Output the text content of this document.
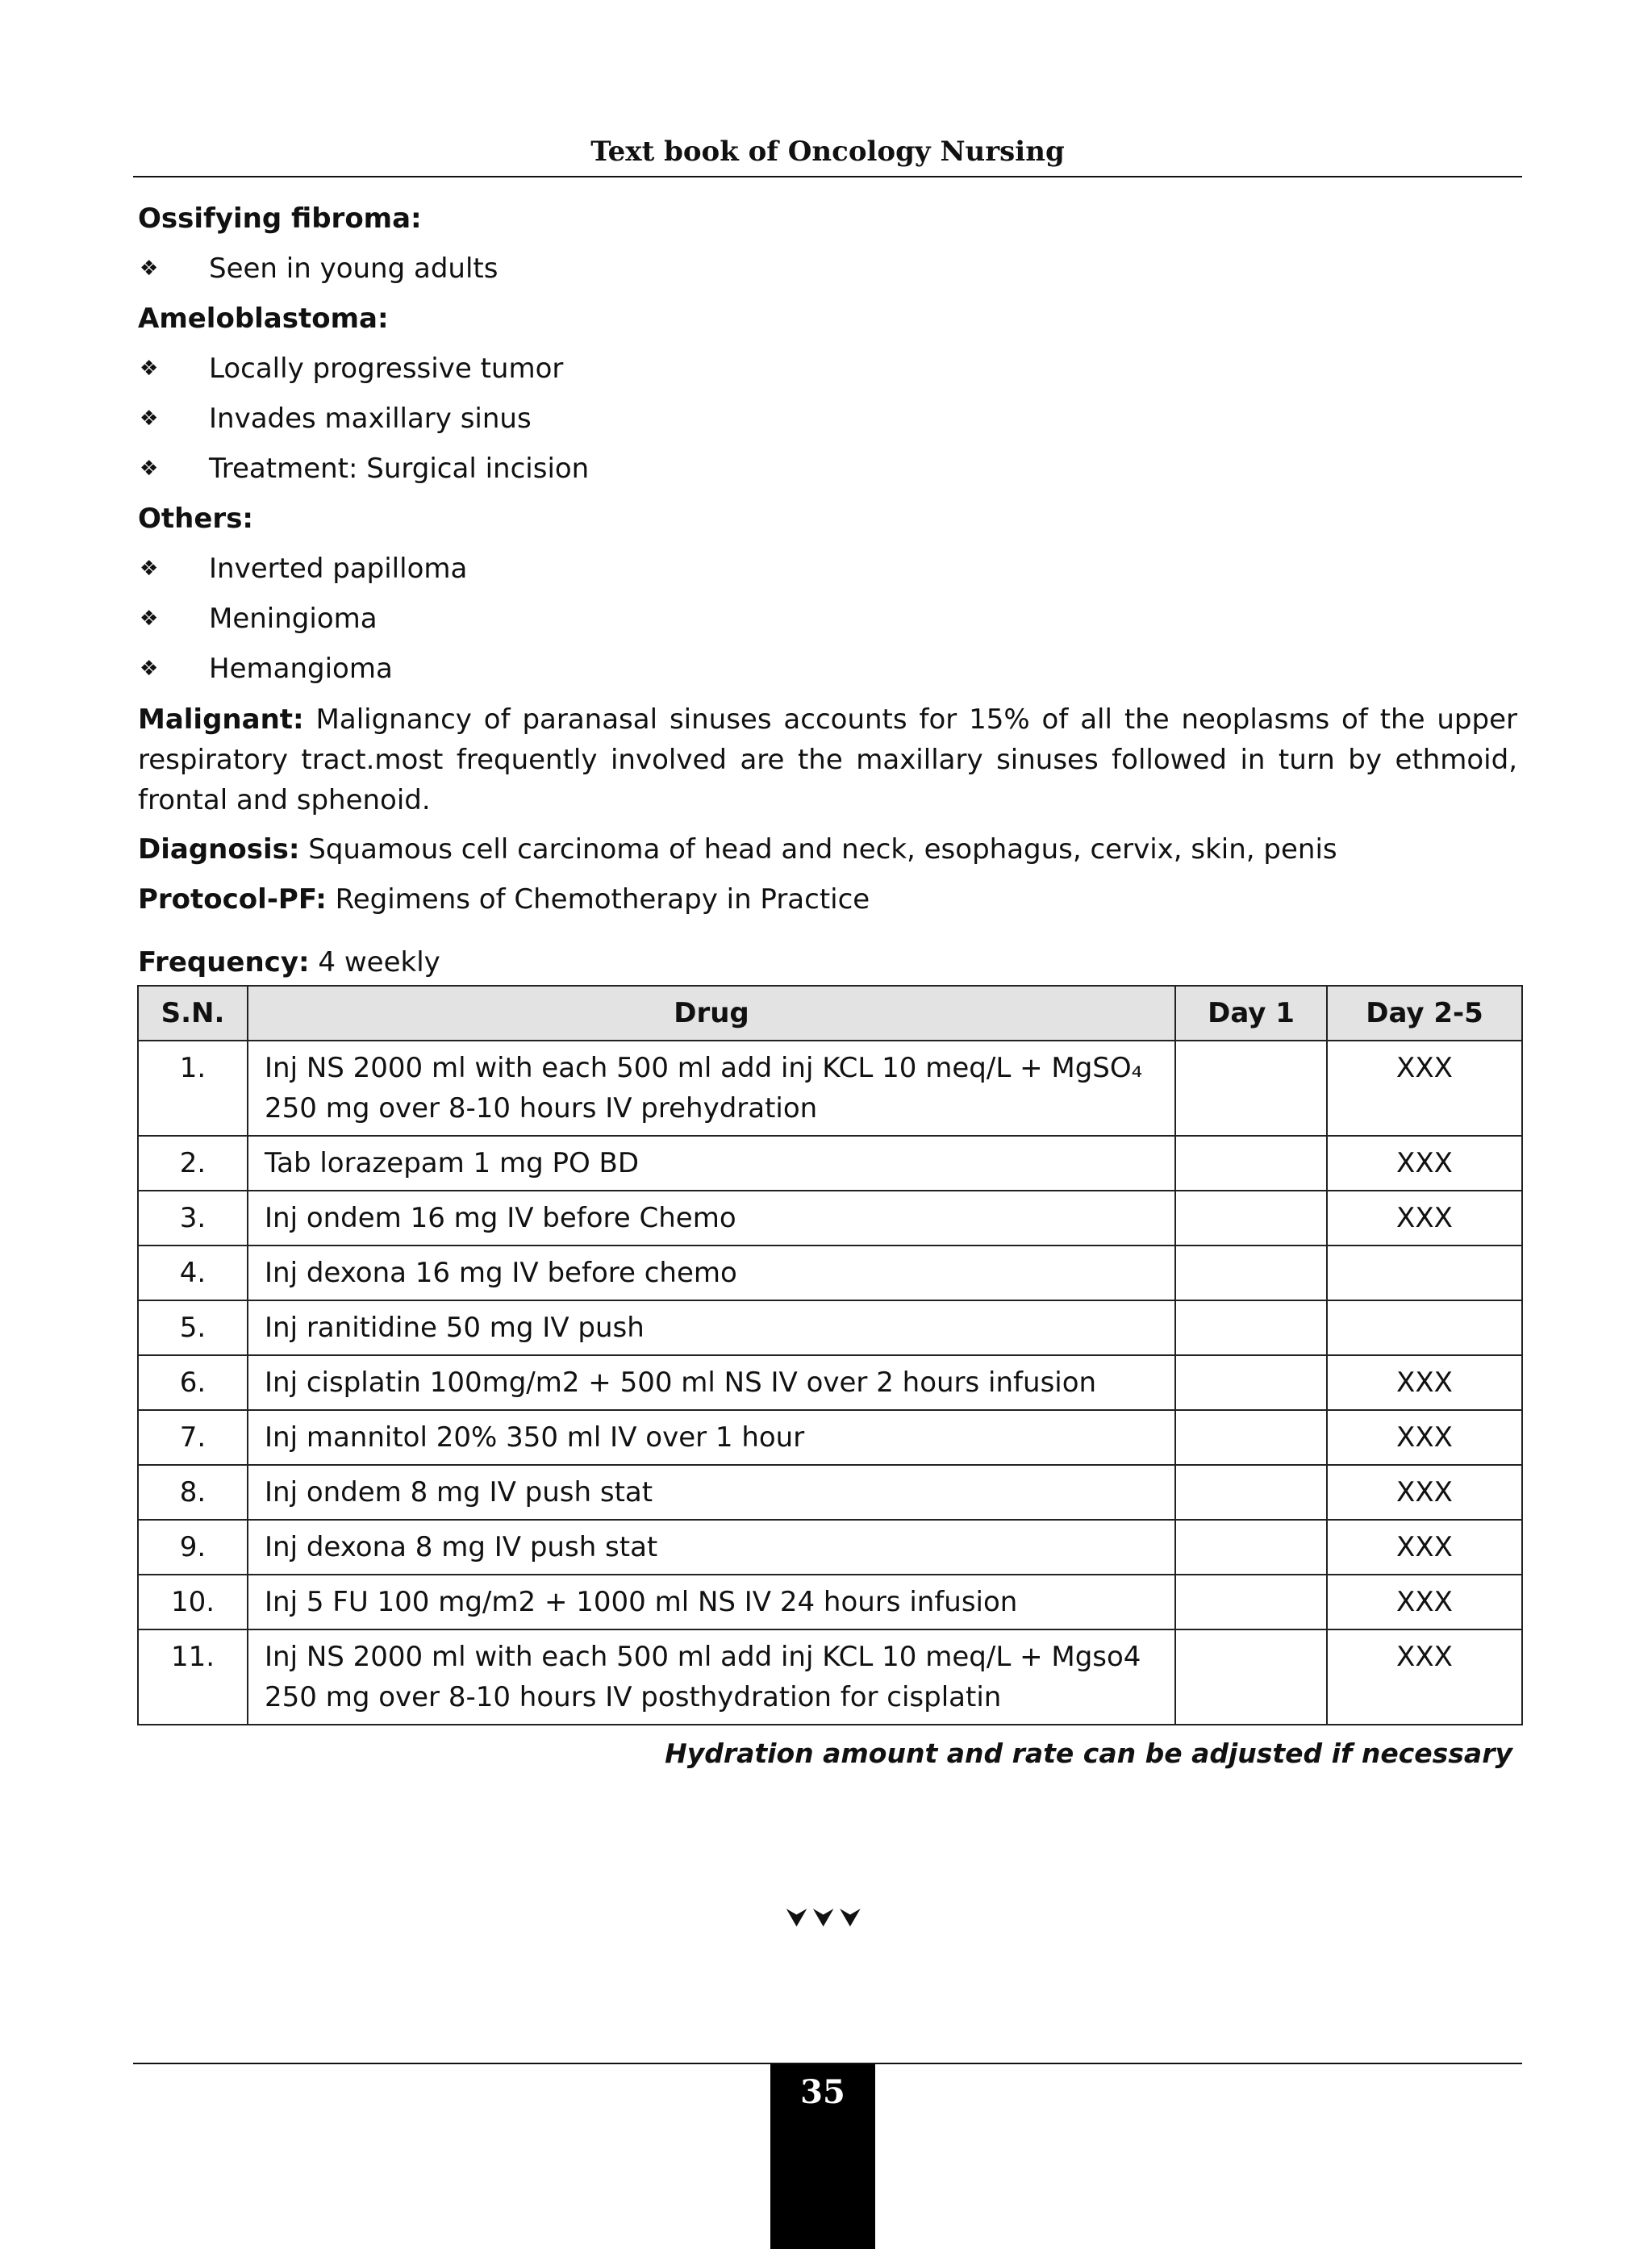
Text book of Oncology Nursing
Ossifying fibroma:
❖	Seen in young adults
Ameloblastoma:
❖	Locally progressive tumor
❖	Invades maxillary sinus
❖	Treatment: Surgical incision
Others:
❖	Inverted papilloma
❖	Meningioma
❖	Hemangioma
Malignant: Malignancy of paranasal sinuses accounts for 15% of all the neoplasms of the upper respiratory tract.most frequently involved are the maxillary sinuses followed in turn by ethmoid, frontal and sphenoid.
Diagnosis: Squamous cell carcinoma of head and neck, esophagus, cervix, skin, penis
Protocol-PF: Regimens of Chemotherapy in Practice
Frequency: 4 weekly
S.N.	Drug	Day 1	Day 2-5
1.	Inj NS 2000 ml with each 500 ml add inj KCL 10 meq/L + MgSO₄ 250 mg over 8-10 hours IV prehydration		XXX
2.	Tab lorazepam 1 mg PO BD		XXX
3.	Inj ondem 16 mg IV before Chemo		XXX
4.	Inj dexona 16 mg IV before chemo		
5.	Inj ranitidine 50 mg IV push		
6.	Inj cisplatin 100mg/m2 + 500 ml NS IV over 2 hours infusion		XXX
7.	Inj mannitol 20% 350 ml IV over 1 hour		XXX
8.	Inj ondem 8 mg IV push stat		XXX
9.	Inj dexona 8 mg IV push stat		XXX
10.	Inj 5 FU 100 mg/m2 + 1000 ml NS IV 24 hours infusion		XXX
11.	Inj NS 2000 ml with each 500 ml add inj KCL 10 meq/L + Mgso4 250 mg over 8-10 hours IV posthydration for cisplatin		XXX
Hydration amount and rate can be adjusted if necessary
⮟⮟⮟
35
